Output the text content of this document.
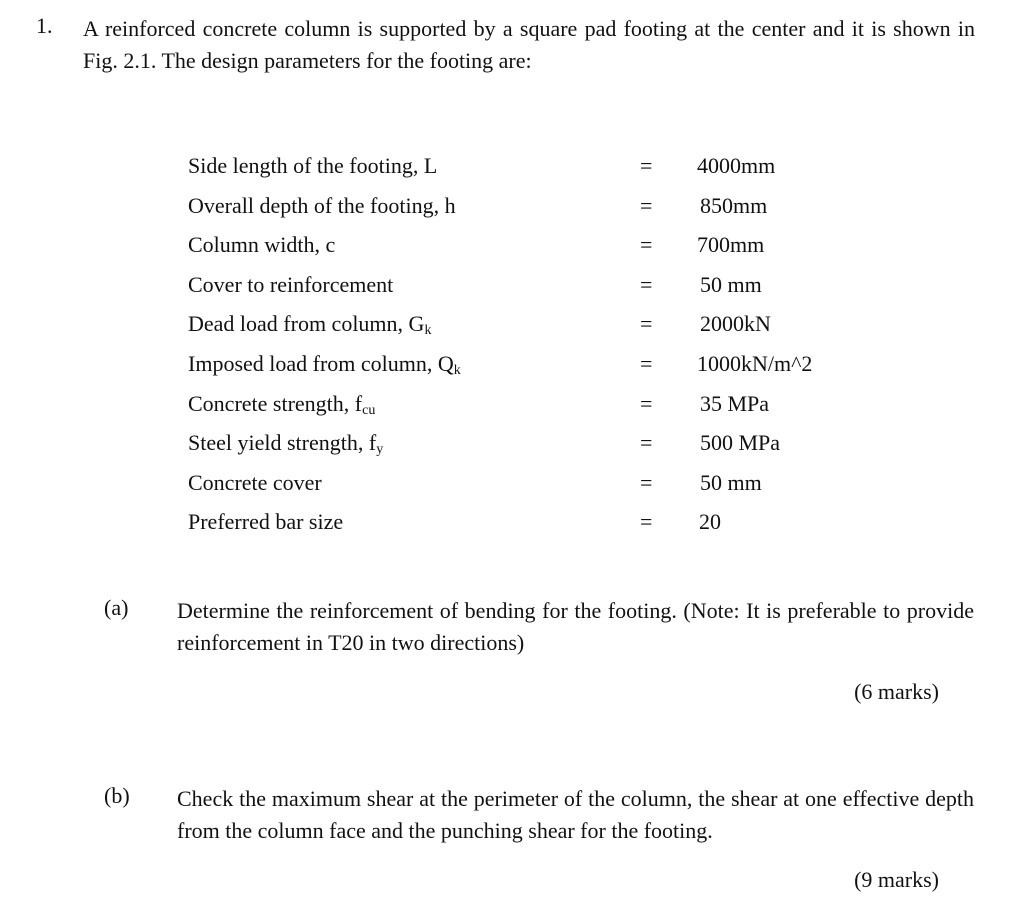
1. A reinforced concrete column is supported by a square pad footing at the center and it is shown in Fig. 2.1. The design parameters for the footing are:
Side length of the footing, L	= 4000mm
Overall depth of the footing, h	= 850mm
Column width, c	= 700mm
Cover to reinforcement	= 50 mm
Dead load from column, $G_k$	= 2000kN
Imposed load from column, $Q_k$	= 1000kN/m^2
Concrete strength, $f_{cu}$	= 35 MPa
Steel yield strength, $f_y$	= 500 MPa
Concrete cover	= 50 mm
Preferred bar size	= 20
(a) Determine the reinforcement of bending for the footing. (Note: It is preferable to provide reinforcement in T20 in two directions)
(6 marks)
(b) Check the maximum shear at the perimeter of the column, the shear at one effective depth from the column face and the punching shear for the footing.
(9 marks)
